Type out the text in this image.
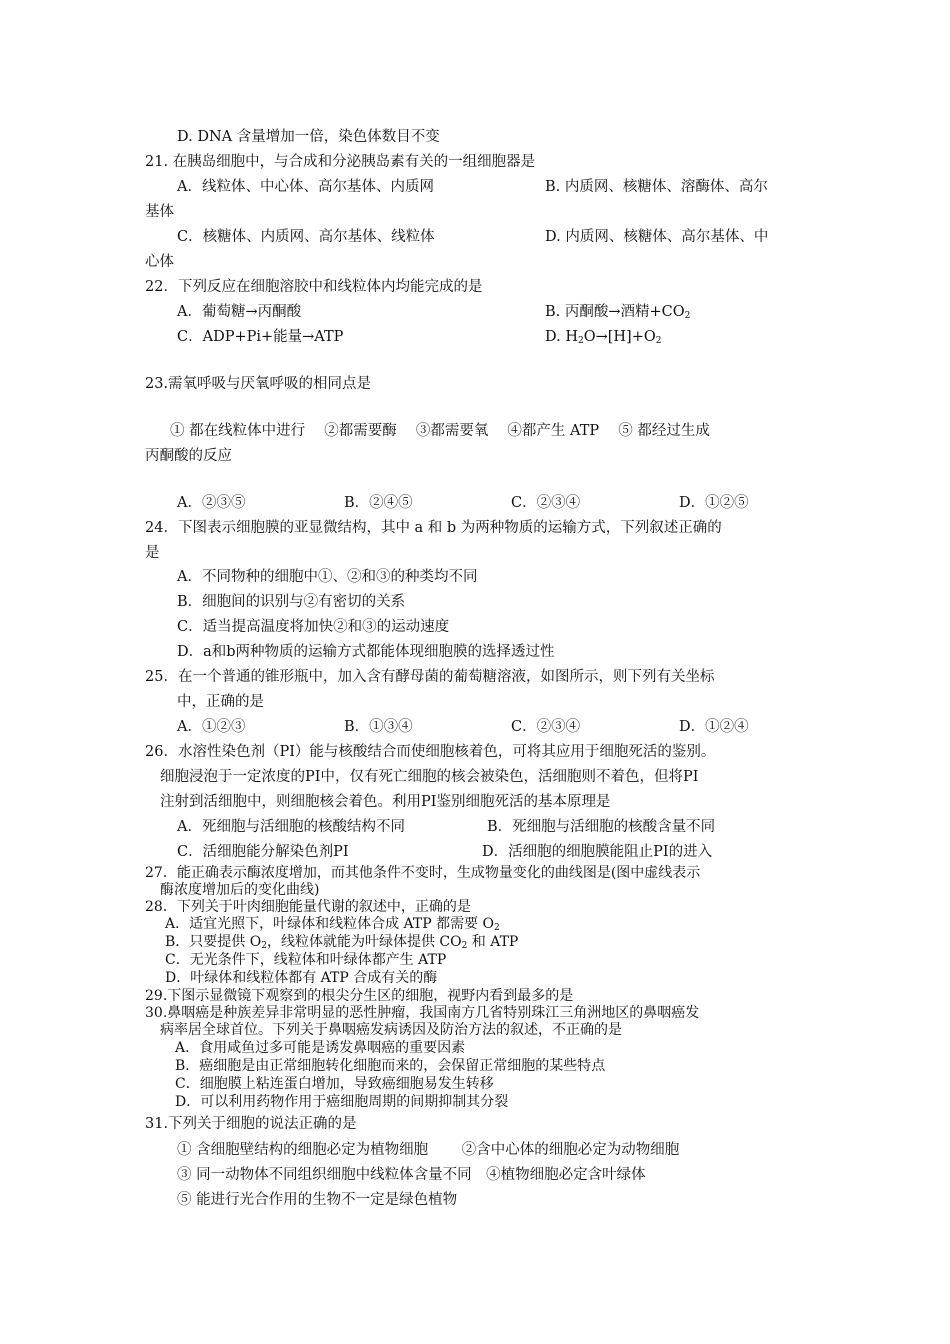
D. DNA 含量增加一倍，染色体数目不变
21. 在胰岛细胞中，与合成和分泌胰岛素有关的一组细胞器是
A．线粒体、中心体、高尔基体、内质网	B. 内质网、核糖体、溶酶体、高尔
基体
C．核糖体、内质网、高尔基体、线粒体	D. 内质网、核糖体、高尔基体、中
心体
22．下列反应在细胞溶胶中和线粒体内均能完成的是
A．葡萄糖→丙酮酸	B. 丙酮酸→酒精$+CO_2$
C．ADP+Pi+能量→ATP	D. $H_2O\to[H]+O_2$
23.需氧呼吸与厌氧呼吸的相同点是
① 都在线粒体中进行　 ②都需要酶　 ③都需要氧　 ④都产生 ATP　 ⑤ 都经过生成
丙酮酸的反应
A．②③⑤	B．②④⑤	C．②③④	D．①②⑤
24．下图表示细胞膜的亚显微结构，其中 a 和 b 为两种物质的运输方式，下列叙述正确的
是
A．不同物种的细胞中①、②和③的种类均不同
B．细胞间的识别与②有密切的关系
C．适当提高温度将加快②和③的运动速度
D．a和b两种物质的运输方式都能体现细胞膜的选择透过性
25．在一个普通的锥形瓶中，加入含有酵母菌的葡萄糖溶液，如图所示，则下列有关坐标
中，正确的是
A．①②③	B．①③④	C．②③④	D．①②④
26．水溶性染色剂（PI）能与核酸结合而使细胞核着色，可将其应用于细胞死活的鉴别。
细胞浸泡于一定浓度的PI中，仅有死亡细胞的核会被染色，活细胞则不着色，但将PI
注射到活细胞中，则细胞核会着色。利用PI鉴别细胞死活的基本原理是
A．死细胞与活细胞的核酸结构不同	B．死细胞与活细胞的核酸含量不同
C．活细胞能分解染色剂PI	D．活细胞的细胞膜能阻止PI的进入
27．能正确表示酶浓度增加，而其他条件不变时，生成物量变化的曲线图是(图中虚线表示
酶浓度增加后的变化曲线)
28．下列关于叶肉细胞能量代谢的叙述中，正确的是
A．适宜光照下，叶绿体和线粒体合成 ATP 都需要 $O_2$
B．只要提供 $O_2$，线粒体就能为叶绿体提供 $CO_2$ 和 ATP
C．无光条件下，线粒体和叶绿体都产生 ATP
D．叶绿体和线粒体都有 ATP 合成有关的酶
29.下图示显微镜下观察到的根尖分生区的细胞，视野内看到最多的是
30.鼻咽癌是种族差异非常明显的恶性肿瘤，我国南方几省特别珠江三角洲地区的鼻咽癌发
病率居全球首位。下列关于鼻咽癌发病诱因及防治方法的叙述，不正确的是
A．食用咸鱼过多可能是诱发鼻咽癌的重要因素
B．癌细胞是由正常细胞转化细胞而来的，会保留正常细胞的某些特点
C．细胞膜上粘连蛋白增加，导致癌细胞易发生转移
D．可以利用药物作用于癌细胞周期的间期抑制其分裂
31.下列关于细胞的说法正确的是
① 含细胞壁结构的细胞必定为植物细胞　　 ②含中心体的细胞必定为动物细胞
③ 同一动物体不同组织细胞中线粒体含量不同　④植物细胞必定含叶绿体
⑤ 能进行光合作用的生物不一定是绿色植物
